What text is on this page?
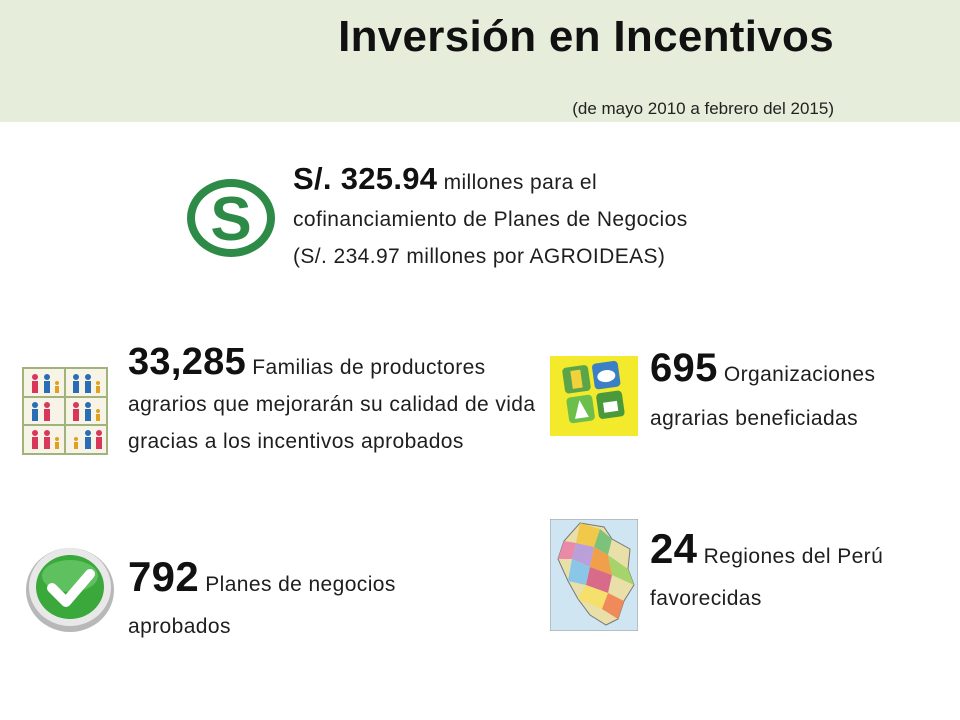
Inversión en Incentivos
(de mayo 2010 a febrero del 2015)
S
S/. 325.94 millones para el cofinanciamiento de Planes de Negocios (S/. 234.97 millones por AGROIDEAS)
33,285 Familias de productores agrarios que mejorarán su calidad de vida gracias a los incentivos aprobados
695 Organizaciones agrarias beneficiadas
792 Planes de negocios aprobados
24 Regiones del Perú favorecidas
